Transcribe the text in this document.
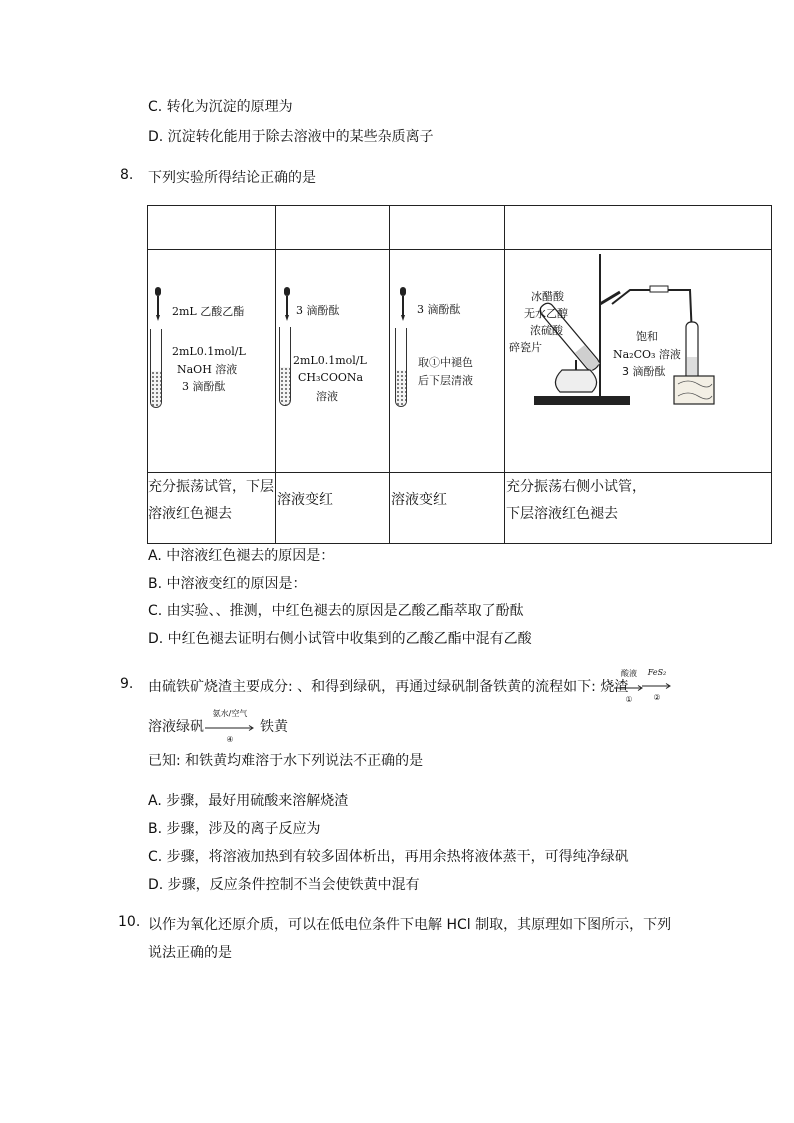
C. 转化为沉淀的原理为
D. 沉淀转化能用于除去溶液中的某些杂质离子
8. 下列实验所得结论正确的是
2mL 乙酸乙酯
2mL0.1mol/L
NaOH 溶液
3 滴酚酞
3 滴酚酞
2mL0.1mol/L
CH₃COONa
溶液
3 滴酚酞
取①中褪色
后下层清液
冰醋酸
无水乙醇
浓硫酸
碎瓷片
饱和
Na₂CO₃ 溶液
3 滴酚酞
充分振荡试管，下层
溶液红色褪去
溶液变红	溶液变红
充分振荡右侧小试管，
下层溶液红色褪去
A. 中溶液红色褪去的原因是：
B. 中溶液变红的原因是：
C. 由实验、、推测，中红色褪去的原因是乙酸乙酯萃取了酚酞
D. 中红色褪去证明右侧小试管中收集到的乙酸乙酯中混有乙酸
9. 由硫铁矿烧渣主要成分: 、和得到绿矾，再通过绿矾制备铁黄的流程如下: 烧渣
酸液
①
FeS₂
②
溶液绿矾
氨水/空气
④
铁黄
已知: 和铁黄均难溶于水下列说法不正确的是
A. 步骤，最好用硫酸来溶解烧渣
B. 步骤，涉及的离子反应为
C. 步骤，将溶液加热到有较多固体析出，再用余热将液体蒸干，可得纯净绿矾
D. 步骤，反应条件控制不当会使铁黄中混有
10. 以作为氧化还原介质，可以在低电位条件下电解 HCl 制取，其原理如下图所示，下列
说法正确的是
